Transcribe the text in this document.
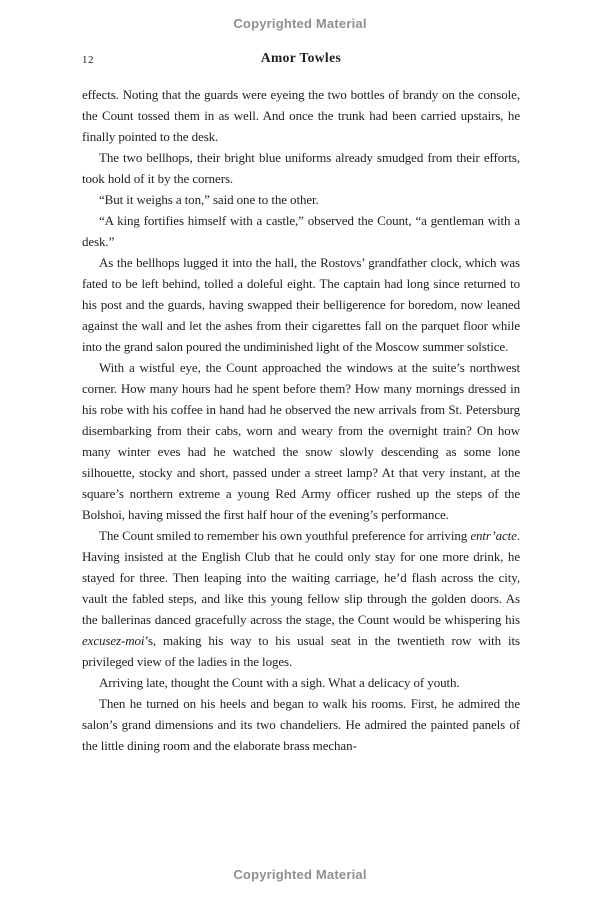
Copyrighted Material
12	Amor Towles

effects. Noting that the guards were eyeing the two bottles of brandy on the console, the Count tossed them in as well. And once the trunk had been carried upstairs, he finally pointed to the desk.

The two bellhops, their bright blue uniforms already smudged from their efforts, took hold of it by the corners.

“But it weighs a ton,” said one to the other.

“A king fortifies himself with a castle,” observed the Count, “a gentleman with a desk.”

As the bellhops lugged it into the hall, the Rostovs’ grandfather clock, which was fated to be left behind, tolled a doleful eight. The captain had long since returned to his post and the guards, having swapped their belligerence for boredom, now leaned against the wall and let the ashes from their cigarettes fall on the parquet floor while into the grand salon poured the undiminished light of the Moscow summer solstice.

With a wistful eye, the Count approached the windows at the suite’s northwest corner. How many hours had he spent before them? How many mornings dressed in his robe with his coffee in hand had he observed the new arrivals from St. Petersburg disembarking from their cabs, worn and weary from the overnight train? On how many winter eves had he watched the snow slowly descending as some lone silhouette, stocky and short, passed under a street lamp? At that very instant, at the square’s northern extreme a young Red Army officer rushed up the steps of the Bolshoi, having missed the first half hour of the evening’s performance.

The Count smiled to remember his own youthful preference for arriving entr’acte. Having insisted at the English Club that he could only stay for one more drink, he stayed for three. Then leaping into the waiting carriage, he’d flash across the city, vault the fabled steps, and like this young fellow slip through the golden doors. As the ballerinas danced gracefully across the stage, the Count would be whispering his excusez-moi’s, making his way to his usual seat in the twentieth row with its privileged view of the ladies in the loges.

Arriving late, thought the Count with a sigh. What a delicacy of youth.

Then he turned on his heels and began to walk his rooms. First, he admired the salon’s grand dimensions and its two chandeliers. He admired the painted panels of the little dining room and the elaborate brass mechan-

Copyrighted Material
